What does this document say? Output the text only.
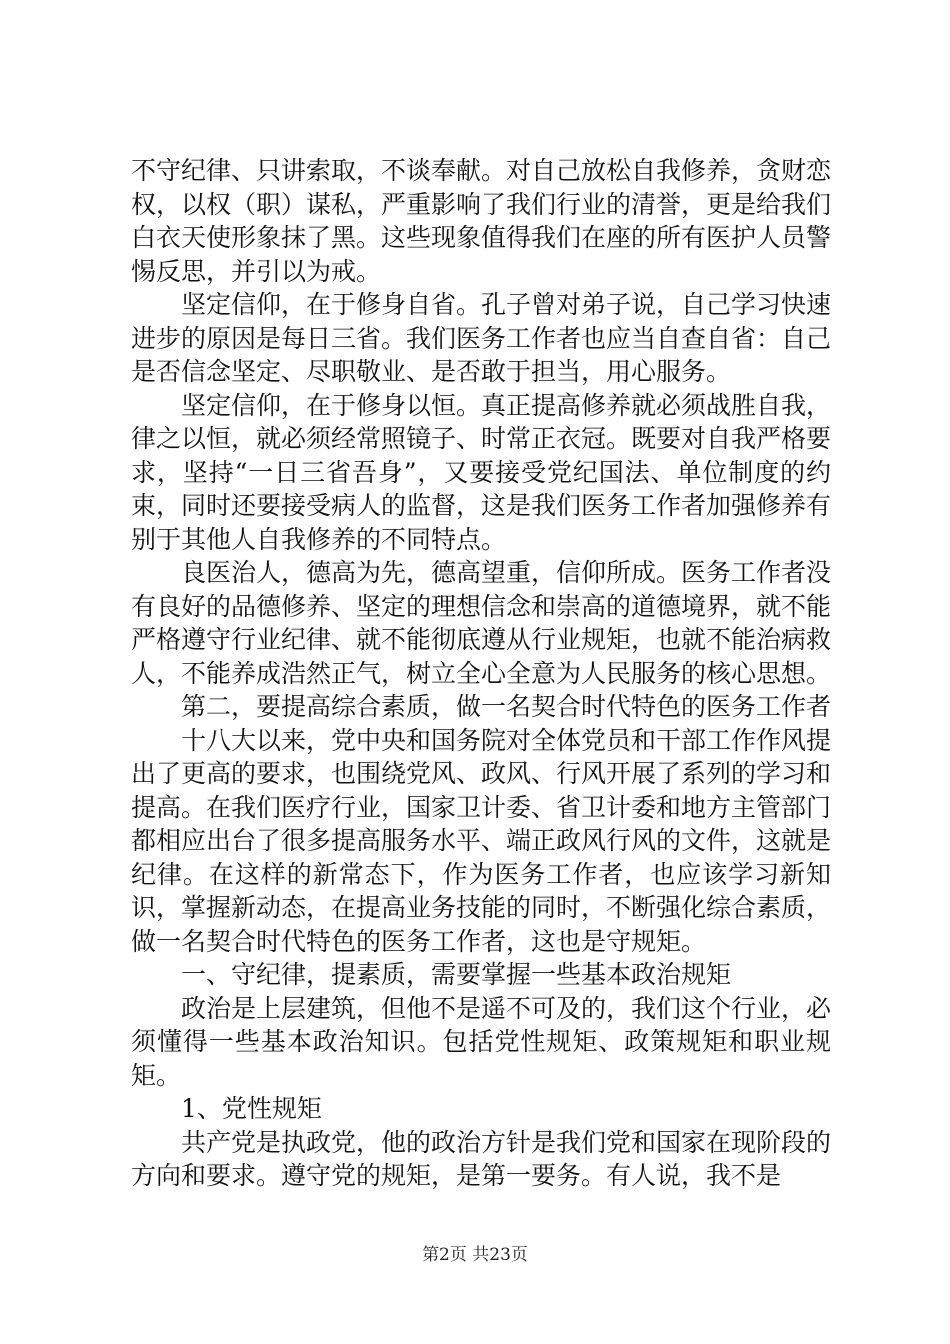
不守纪律、只讲索取，不谈奉献。对自己放松自我修养，贪财恋权，以权（职）谋私，严重影响了我们行业的清誉，更是给我们白衣天使形象抹了黑。这些现象值得我们在座的所有医护人员警惕反思，并引以为戒。

坚定信仰，在于修身自省。孔子曾对弟子说，自己学习快速进步的原因是每日三省。我们医务工作者也应当自查自省：自己是否信念坚定、尽职敬业、是否敢于担当，用心服务。

坚定信仰，在于修身以恒。真正提高修养就必须战胜自我，律之以恒，就必须经常照镜子、时常正衣冠。既要对自我严格要求，坚持“一日三省吾身”，又要接受党纪国法、单位制度的约束，同时还要接受病人的监督，这是我们医务工作者加强修养有别于其他人自我修养的不同特点。

良医治人，德高为先，德高望重，信仰所成。医务工作者没有良好的品德修养、坚定的理想信念和崇高的道德境界，就不能严格遵守行业纪律、就不能彻底遵从行业规矩，也就不能治病救人，不能养成浩然正气，树立全心全意为人民服务的核心思想。

第二，要提高综合素质，做一名契合时代特色的医务工作者

十八大以来，党中央和国务院对全体党员和干部工作作风提出了更高的要求，也围绕党风、政风、行风开展了系列的学习和提高。在我们医疗行业，国家卫计委、省卫计委和地方主管部门都相应出台了很多提高服务水平、端正政风行风的文件，这就是纪律。在这样的新常态下，作为医务工作者，也应该学习新知识，掌握新动态，在提高业务技能的同时，不断强化综合素质，做一名契合时代特色的医务工作者，这也是守规矩。

一、守纪律，提素质，需要掌握一些基本政治规矩

政治是上层建筑，但他不是遥不可及的，我们这个行业，必须懂得一些基本政治知识。包括党性规矩、政策规矩和职业规矩。

1、党性规矩

共产党是执政党，他的政治方针是我们党和国家在现阶段的方向和要求。遵守党的规矩，是第一要务。有人说，我不是

第2页 共23页
